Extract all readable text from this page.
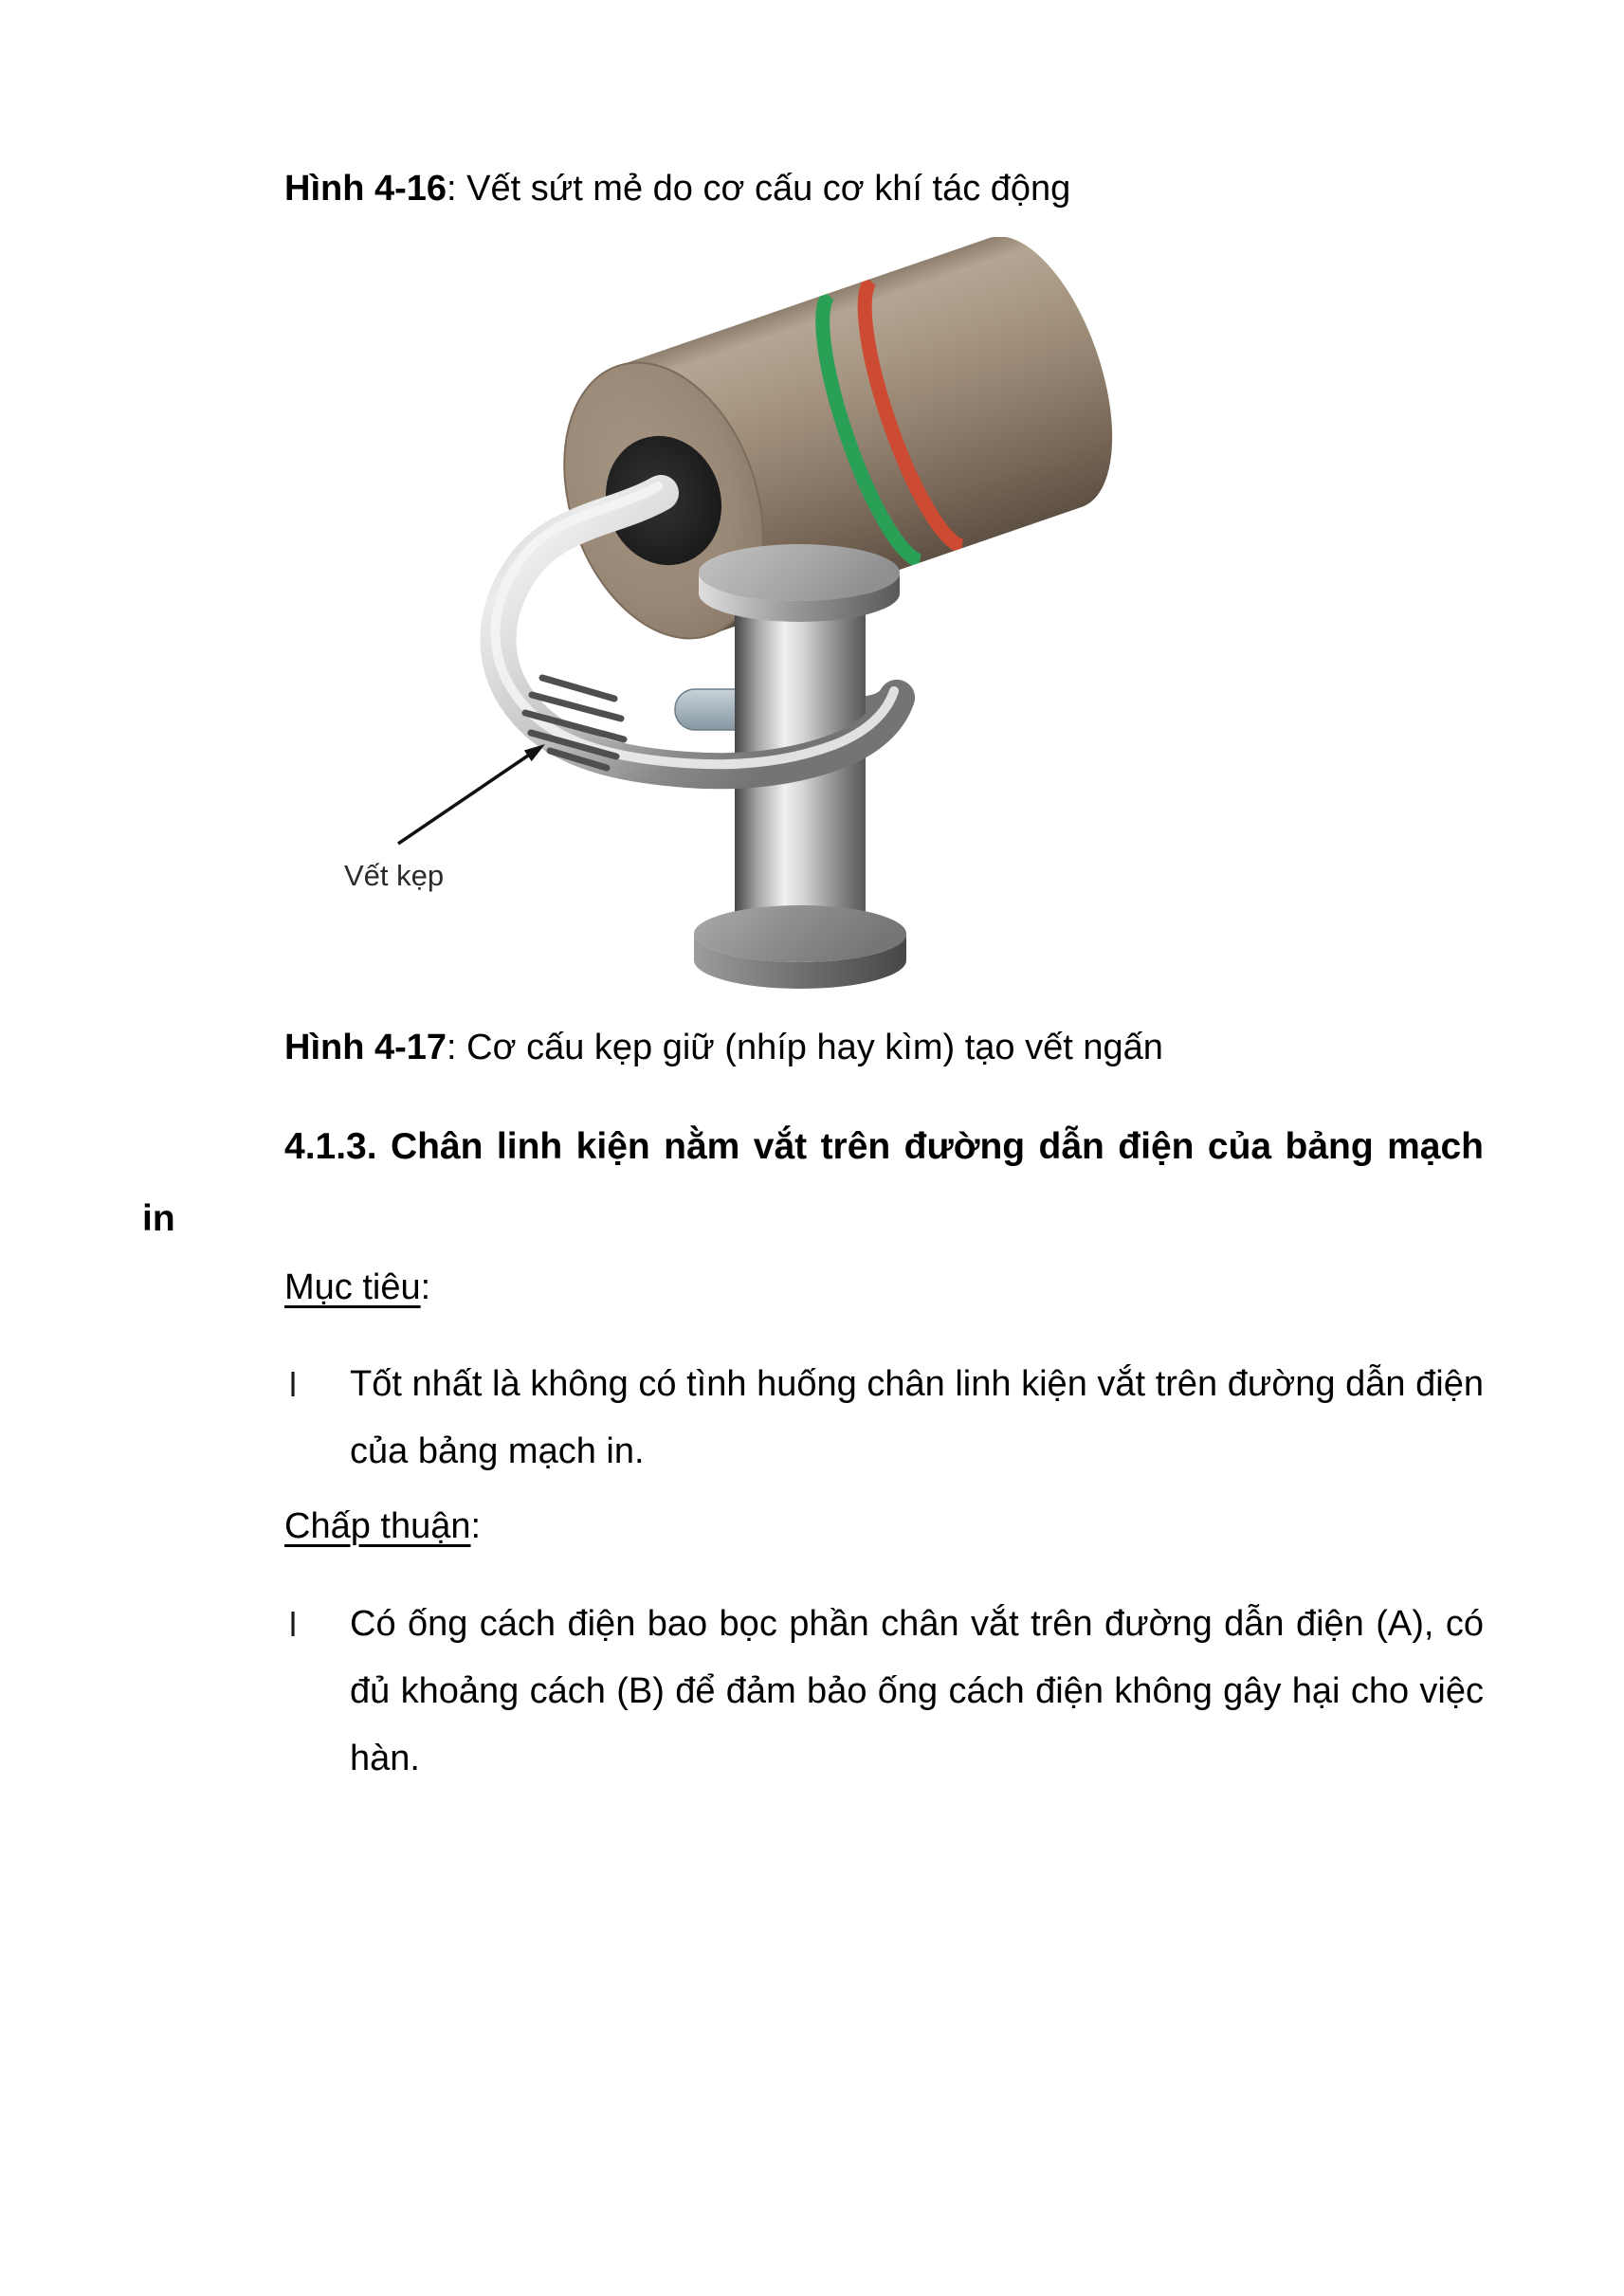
Hình 4-16: Vết sứt mẻ do cơ cấu cơ khí tác động
Vết kẹp
Hình 4-17: Cơ cấu kẹp giữ (nhíp hay kìm) tạo vết ngấn
4.1.3. Chân linh kiện nằm vắt trên đường dẫn điện của bảng mạch in
Mục tiêu:
l	Tốt nhất là không có tình huống chân linh kiện vắt trên đường dẫn điện của bảng mạch in.
Chấp thuận:
l	Có ống cách điện bao bọc phần chân vắt trên đường dẫn điện (A), có đủ khoảng cách (B) để đảm bảo ống cách điện không gây hại cho việc hàn.
